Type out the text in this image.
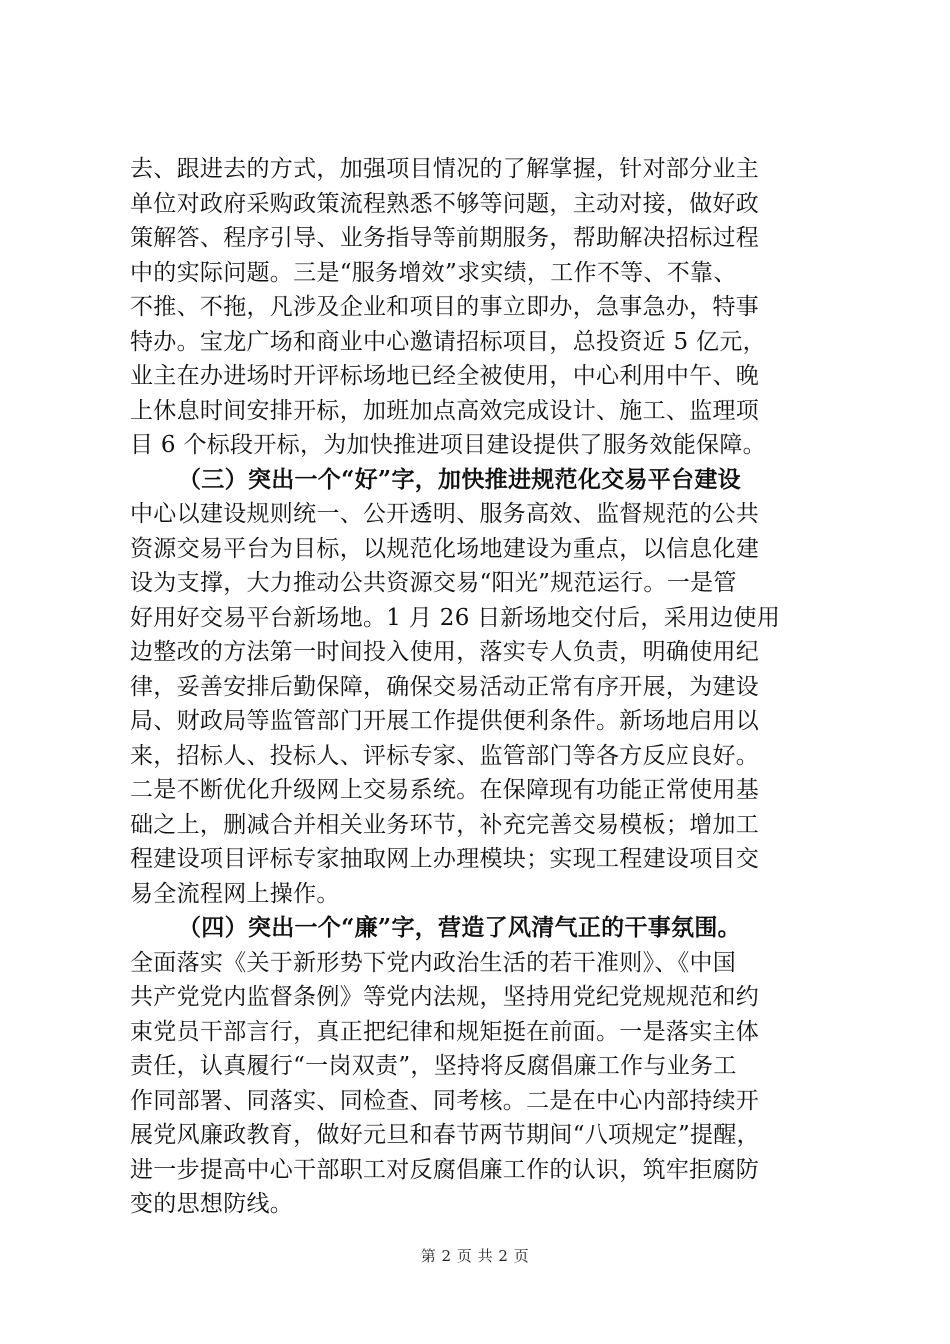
去、跟进去的方式，加强项目情况的了解掌握，针对部分业主
单位对政府采购政策流程熟悉不够等问题，主动对接，做好政
策解答、程序引导、业务指导等前期服务，帮助解决招标过程
中的实际问题。三是“服务增效”求实绩，工作不等、不靠、
不推、不拖，凡涉及企业和项目的事立即办，急事急办，特事
特办。宝龙广场和商业中心邀请招标项目，总投资近 5 亿元，
业主在办进场时开评标场地已经全被使用，中心利用中午、晚
上休息时间安排开标，加班加点高效完成设计、施工、监理项
目 6 个标段开标，为加快推进项目建设提供了服务效能保障。
（三）突出一个“好”字，加快推进规范化交易平台建设
中心以建设规则统一、公开透明、服务高效、监督规范的公共
资源交易平台为目标，以规范化场地建设为重点，以信息化建
设为支撑，大力推动公共资源交易“阳光”规范运行。一是管
好用好交易平台新场地。1 月 26 日新场地交付后，采用边使用
边整改的方法第一时间投入使用，落实专人负责，明确使用纪
律，妥善安排后勤保障，确保交易活动正常有序开展，为建设
局、财政局等监管部门开展工作提供便利条件。新场地启用以
来，招标人、投标人、评标专家、监管部门等各方反应良好。
二是不断优化升级网上交易系统。在保障现有功能正常使用基
础之上，删减合并相关业务环节，补充完善交易模板；增加工
程建设项目评标专家抽取网上办理模块；实现工程建设项目交
易全流程网上操作。
（四）突出一个“廉”字，营造了风清气正的干事氛围。
全面落实《关于新形势下党内政治生活的若干准则》、《中国
共产党党内监督条例》等党内法规，坚持用党纪党规规范和约
束党员干部言行，真正把纪律和规矩挺在前面。一是落实主体
责任，认真履行“一岗双责”，坚持将反腐倡廉工作与业务工
作同部署、同落实、同检查、同考核。二是在中心内部持续开
展党风廉政教育，做好元旦和春节两节期间“八项规定”提醒，
进一步提高中心干部职工对反腐倡廉工作的认识，筑牢拒腐防
变的思想防线。
第 2 页 共 2 页
